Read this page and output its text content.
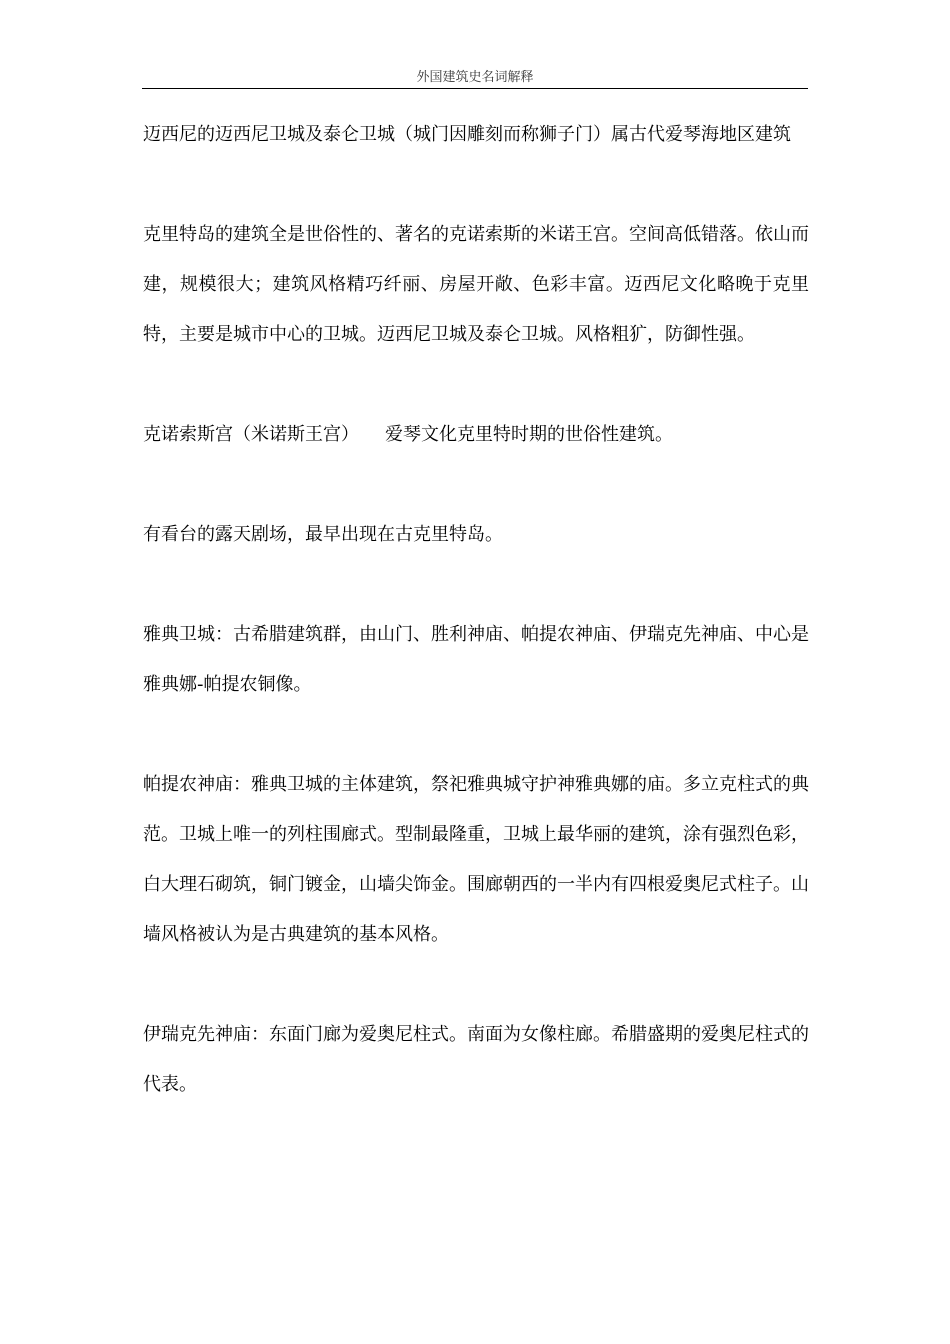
外国建筑史名词解释

迈西尼的迈西尼卫城及泰仑卫城（城门因雕刻而称狮子门）属古代爱琴海地区建筑

克里特岛的建筑全是世俗性的、著名的克诺索斯的米诺王宫。空间高低错落。依山而建，规模很大；建筑风格精巧纤丽、房屋开敞、色彩丰富。迈西尼文化略晚于克里特，主要是城市中心的卫城。迈西尼卫城及泰仑卫城。风格粗犷，防御性强。

克诺索斯宫（米诺斯王宫） 爱琴文化克里特时期的世俗性建筑。

有看台的露天剧场，最早出现在古克里特岛。

雅典卫城：古希腊建筑群，由山门、胜利神庙、帕提农神庙、伊瑞克先神庙、中心是雅典娜-帕提农铜像。

帕提农神庙：雅典卫城的主体建筑，祭祀雅典城守护神雅典娜的庙。多立克柱式的典范。卫城上唯一的列柱围廊式。型制最隆重，卫城上最华丽的建筑，涂有强烈色彩，白大理石砌筑，铜门镀金，山墙尖饰金。围廊朝西的一半内有四根爱奥尼式柱子。山墙风格被认为是古典建筑的基本风格。

伊瑞克先神庙：东面门廊为爱奥尼柱式。南面为女像柱廊。希腊盛期的爱奥尼柱式的代表。
